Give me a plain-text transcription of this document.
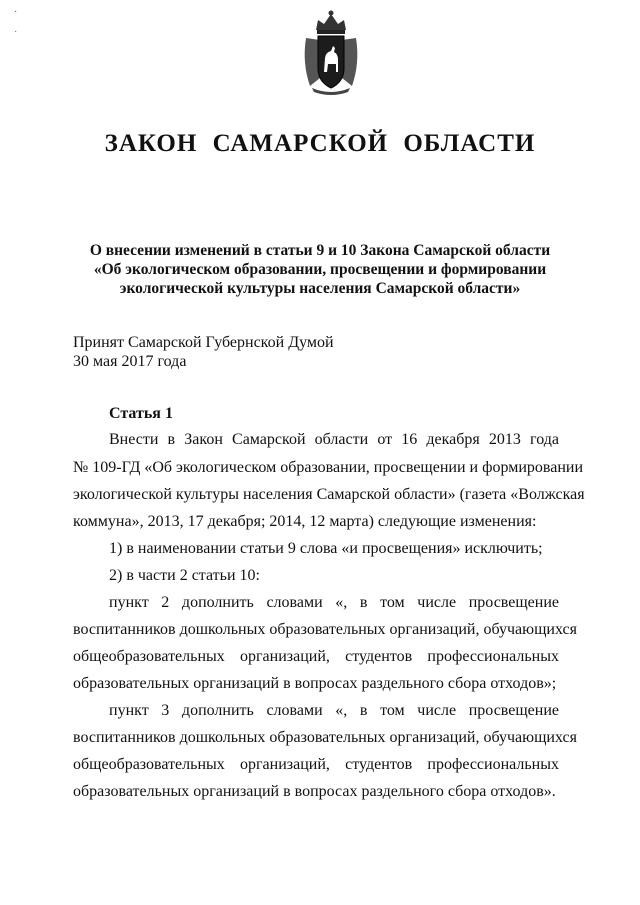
·
˙
ЗАКОН САМАРСКОЙ ОБЛАСТИ
О внесении изменений в статьи 9 и 10 Закона Самарской области
«Об экологическом образовании, просвещении и формировании
экологической культуры населения Самарской области»
Принят Самарской Губернской Думой
30 мая 2017 года
Статья 1
Внести в Закон Самарской области от 16 декабря 2013 года
№ 109-ГД «Об экологическом образовании, просвещении и формировании
экологической культуры населения Самарской области» (газета «Волжская
коммуна», 2013, 17 декабря; 2014, 12 марта) следующие изменения:
1) в наименовании статьи 9 слова «и просвещения» исключить;
2) в части 2 статьи 10:
пункт 2 дополнить словами «, в том числе просвещение
воспитанников дошкольных образовательных организаций, обучающихся
общеобразовательных организаций, студентов профессиональных
образовательных организаций в вопросах раздельного сбора отходов»;
пункт 3 дополнить словами «, в том числе просвещение
воспитанников дошкольных образовательных организаций, обучающихся
общеобразовательных организаций, студентов профессиональных
образовательных организаций в вопросах раздельного сбора отходов».
